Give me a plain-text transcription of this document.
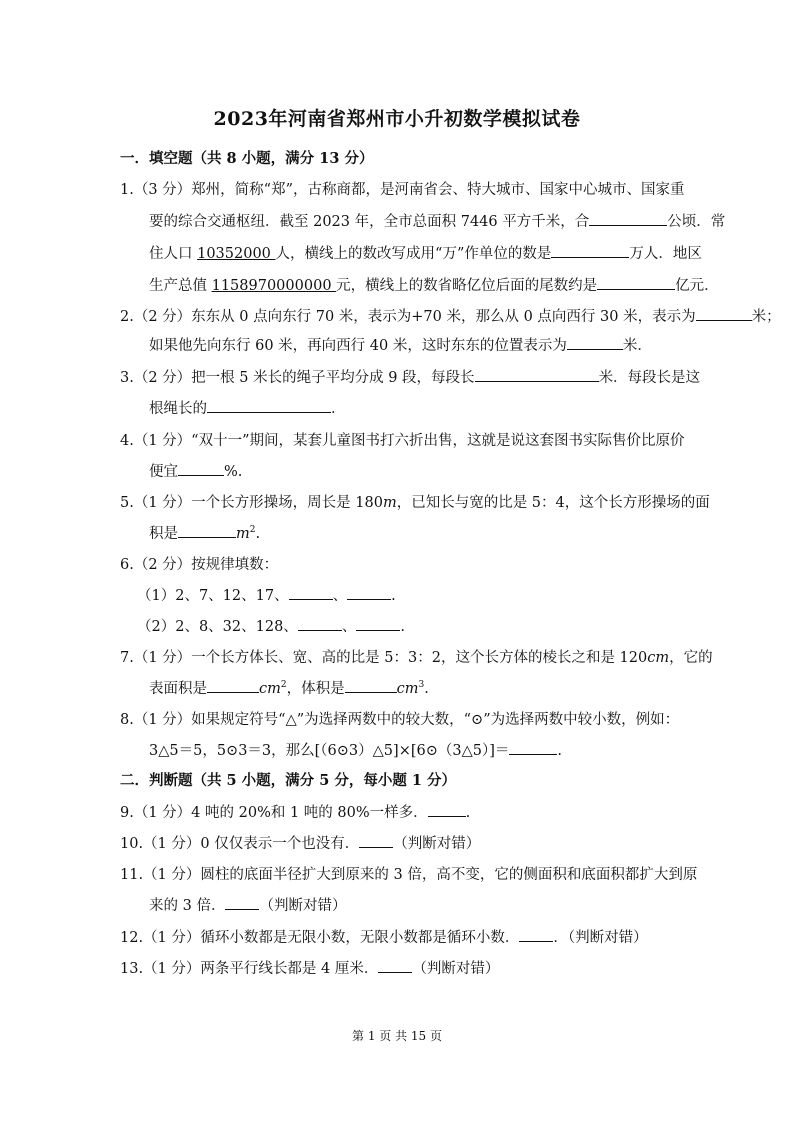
2023年河南省郑州市小升初数学模拟试卷
一．填空题（共 8 小题，满分 13 分）
1.（3 分）郑州，简称“郑”，古称商都，是河南省会、特大城市、国家中心城市、国家重
要的综合交通枢纽．截至 2023 年，全市总面积 7446 平方千米，合	公顷．常
住人口 10352000 人，横线上的数改写成用“万”作单位的数是	万人．地区
生产总值 1158970000000 元，横线上的数省略亿位后面的尾数约是	亿元．
2.（2 分）东东从 0 点向东行 70 米，表示为+70 米，那么从 0 点向西行 30 米，表示为	米；
如果他先向东行 60 米，再向西行 40 米，这时东东的位置表示为	米．
3.（2 分）把一根 5 米长的绳子平均分成 9 段，每段长	米．每段长是这
根绳长的	．
4.（1 分）“双十一”期间，某套儿童图书打六折出售，这就是说这套图书实际售价比原价
便宜	%.
5.（1 分）一个长方形操场，周长是 180m，已知长与宽的比是 5：4，这个长方形操场的面
积是	$m^2$.
6.（2 分）按规律填数：
（1）2、7、12、17、	、	.
（2）2、8、32、128、	、	.
7.（1 分）一个长方体长、宽、高的比是 5：3：2，这个长方体的棱长之和是 120cm，它的
表面积是	$cm^2$，体积是	$cm^3$.
8.（1 分）如果规定符号“△”为选择两数中的较大数，“⊙”为选择两数中较小数，例如：
3△5＝5，5⊙3＝3，那么[（6⊙3）△5]×[6⊙（3△5）]＝	.
二．判断题（共 5 小题，满分 5 分，每小题 1 分）
9.（1 分）4 吨的 20%和 1 吨的 80%一样多．	.
10.（1 分）0 仅仅表示一个也没有． （判断对错）
11.（1 分）圆柱的底面半径扩大到原来的 3 倍，高不变，它的侧面积和底面积都扩大到原
来的 3 倍． （判断对错）
12.（1 分）循环小数都是无限小数，无限小数都是循环小数． ．（判断对错）
13.（1 分）两条平行线长都是 4 厘米． （判断对错）
第 1 页 共 15 页
